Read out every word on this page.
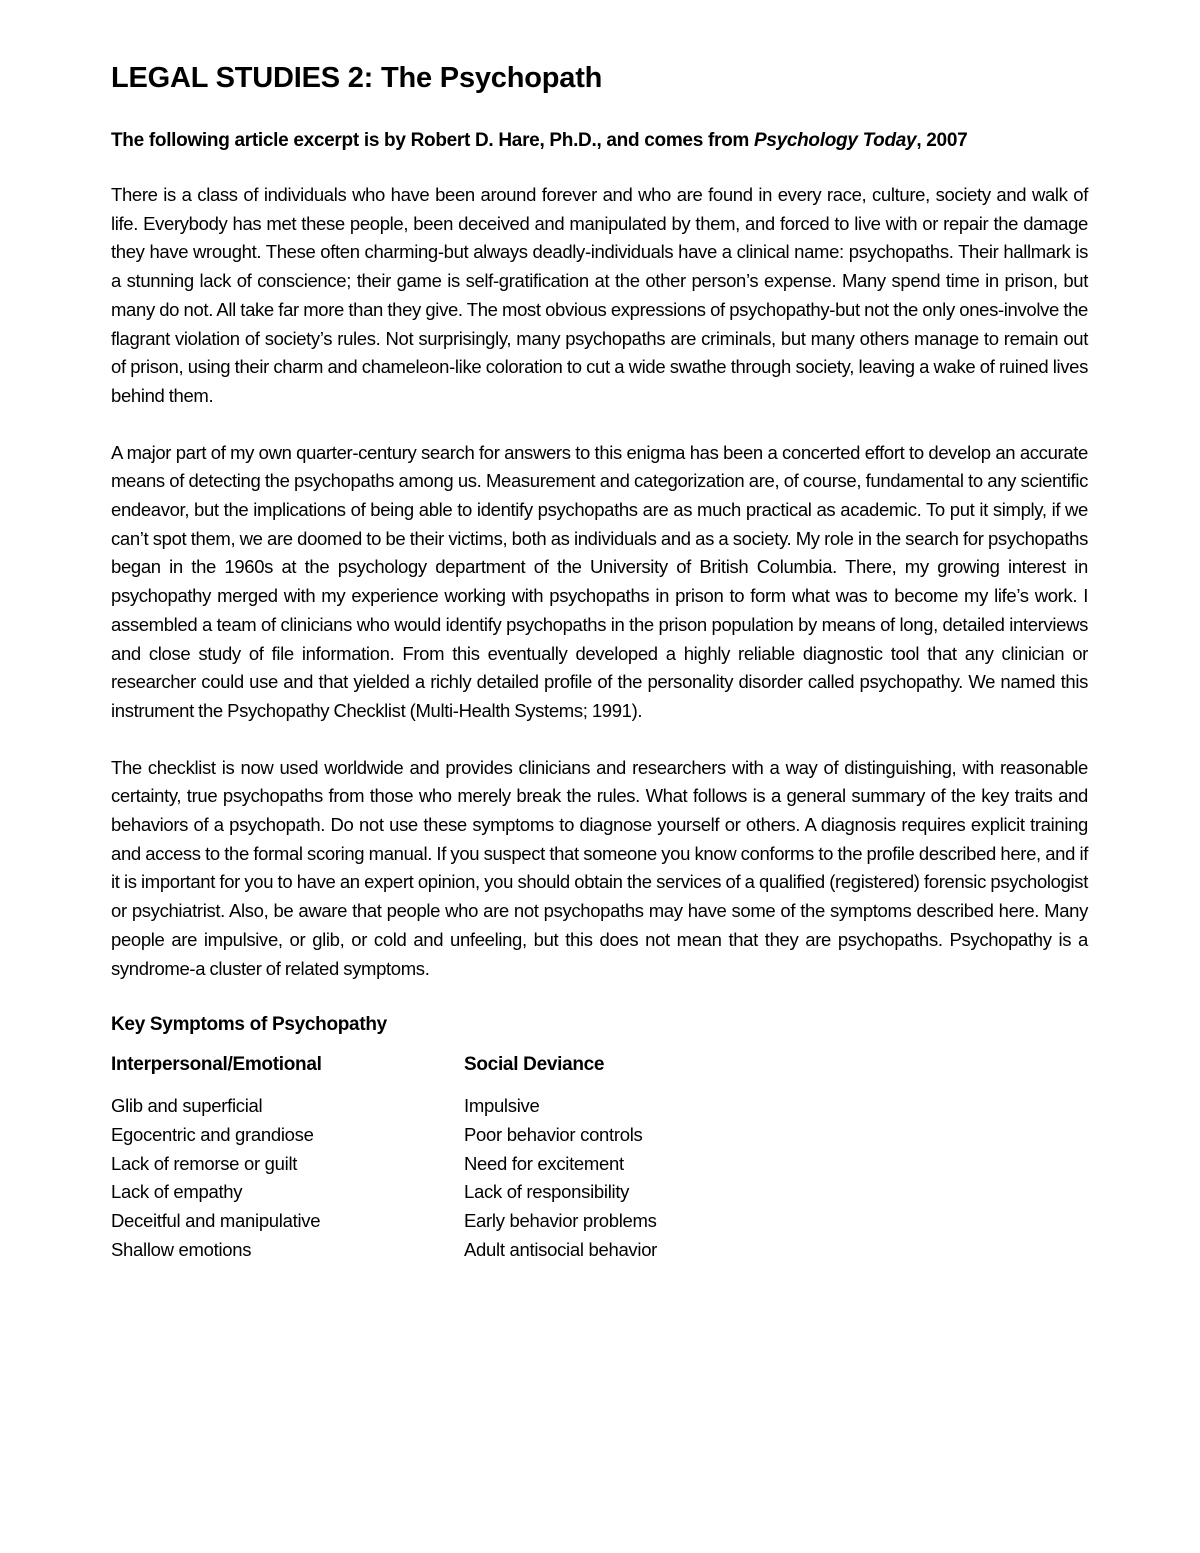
LEGAL STUDIES 2: The Psychopath

The following article excerpt is by Robert D. Hare, Ph.D., and comes from Psychology Today, 2007

There is a class of individuals who have been around forever and who are found in every race, culture, society and walk of life. Everybody has met these people, been deceived and manipulated by them, and forced to live with or repair the damage they have wrought. These often charming-but always deadly-individuals have a clinical name: psychopaths. Their hallmark is a stunning lack of conscience; their game is self-gratification at the other person’s expense. Many spend time in prison, but many do not. All take far more than they give. The most obvious expressions of psychopathy-but not the only ones-involve the flagrant violation of society’s rules. Not surprisingly, many psychopaths are criminals, but many others manage to remain out of prison, using their charm and chameleon-like coloration to cut a wide swathe through society, leaving a wake of ruined lives behind them.

A major part of my own quarter-century search for answers to this enigma has been a concerted effort to develop an accurate means of detecting the psychopaths among us. Measurement and categorization are, of course, fundamental to any scientific endeavor, but the implications of being able to identify psychopaths are as much practical as academic. To put it simply, if we can’t spot them, we are doomed to be their victims, both as individuals and as a society. My role in the search for psychopaths began in the 1960s at the psychology department of the University of British Columbia. There, my growing interest in psychopathy merged with my experience working with psychopaths in prison to form what was to become my life’s work. I assembled a team of clinicians who would identify psychopaths in the prison population by means of long, detailed interviews and close study of file information. From this eventually developed a highly reliable diagnostic tool that any clinician or researcher could use and that yielded a richly detailed profile of the personality disorder called psychopathy. We named this instrument the Psychopathy Checklist (Multi-Health Systems; 1991).

The checklist is now used worldwide and provides clinicians and researchers with a way of distinguishing, with reasonable certainty, true psychopaths from those who merely break the rules. What follows is a general summary of the key traits and behaviors of a psychopath. Do not use these symptoms to diagnose yourself or others. A diagnosis requires explicit training and access to the formal scoring manual. If you suspect that someone you know conforms to the profile described here, and if it is important for you to have an expert opinion, you should obtain the services of a qualified (registered) forensic psychologist or psychiatrist. Also, be aware that people who are not psychopaths may have some of the symptoms described here. Many people are impulsive, or glib, or cold and unfeeling, but this does not mean that they are psychopaths. Psychopathy is a syndrome-a cluster of related symptoms.

Key Symptoms of Psychopathy
Interpersonal/Emotional
Glib and superficial
Egocentric and grandiose
Lack of remorse or guilt
Lack of empathy
Deceitful and manipulative
Shallow emotions
Social Deviance
Impulsive
Poor behavior controls
Need for excitement
Lack of responsibility
Early behavior problems
Adult antisocial behavior
